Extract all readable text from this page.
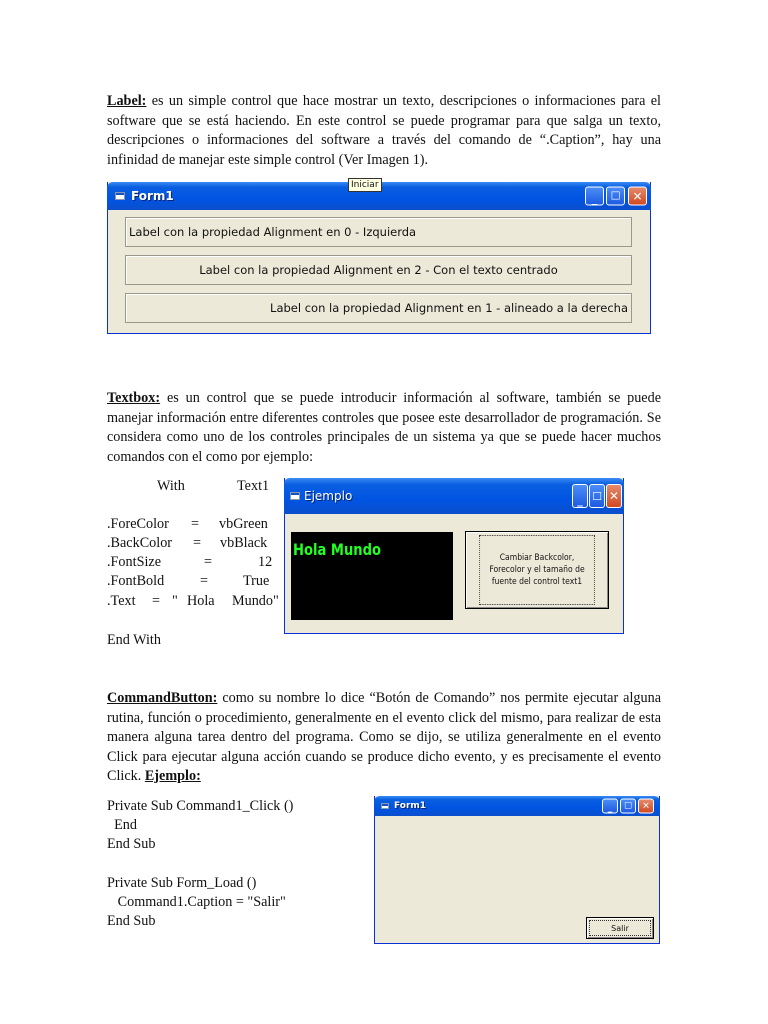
Label: es un simple control que hace mostrar un texto, descripciones o informaciones para el software que se está haciendo. En este control se puede programar para que salga un texto, descripciones o informaciones del software a través del comando de “.Caption”, hay una infinidad de manejar este simple control (Ver Imagen 1).
Form1	_	☐ ✕
Label con la propiedad Alignment en 0 - Izquierda
Label con la propiedad Alignment en 2 - Con el texto centrado
Label con la propiedad Alignment en 1 - alineado a la derecha
Iniciar
Textbox: es un control que se puede introducir información al software, también se puede manejar información entre diferentes controles que posee este desarrollador de programación. Se considera como uno de los controles principales de un sistema ya que se puede hacer muchos comandos con el como por ejemplo:
With	Text1
.ForeColor = vbGreen
.BackColor = vbBlack
.FontSize	=	12
.FontBold	= True
.Text = " Hola Mundo"
End With
Ejemplo	_ ☐ ✕
Hola Mundo	Cambiar Backcolor, Forecolor y el tamaño de fuente del control text1
CommandButton: como su nombre lo dice “Botón de Comando” nos permite ejecutar alguna rutina, función o procedimiento, generalmente en el evento click del mismo, para realizar de esta manera alguna tarea dentro del programa. Como se dijo, se utiliza generalmente en el evento Click para ejecutar alguna acción cuando se produce dicho evento, y es precisamente el evento Click. Ejemplo:
Private Sub Command1_Click ()
End
End Sub
Private Sub Form_Load ()
Command1.Caption = "Salir"
End Sub
Form1	_	☐	✕
Salir
